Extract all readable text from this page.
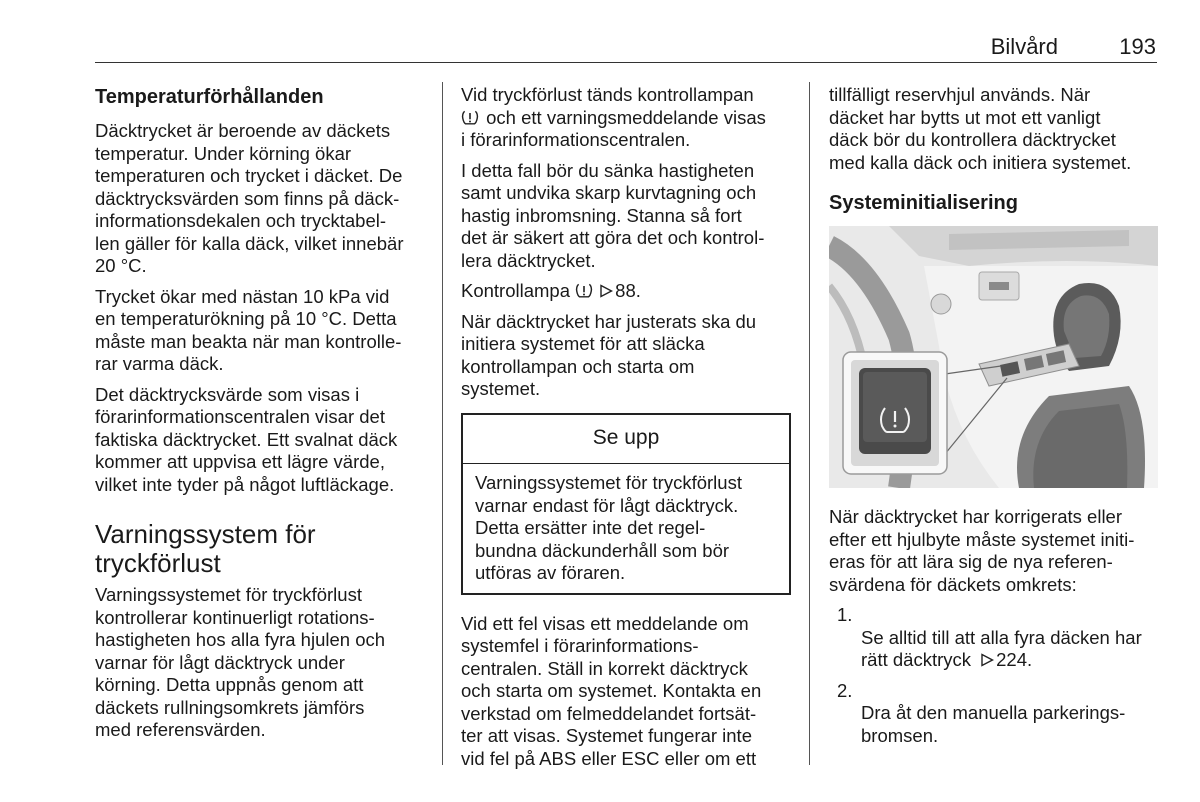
Bilvård	193
Temperaturförhållanden

Däcktrycket är beroende av däckets
temperatur. Under körning ökar
temperaturen och trycket i däcket. De
däcktrycksvärden som finns på däck-
informationsdekalen och trycktabel-
len gäller för kalla däck, vilket innebär
20 °C.

Trycket ökar med nästan 10 kPa vid
en temperaturökning på 10 °C. Detta
måste man beakta när man kontrolle-
rar varma däck.

Det däcktrycksvärde som visas i
förarinformationscentralen visar det
faktiska däcktrycket. Ett svalnat däck
kommer att uppvisa ett lägre värde,
vilket inte tyder på något luftläckage.

Varningssystem för
tryckförlust

Varningssystemet för tryckförlust
kontrollerar kontinuerligt rotations-
hastigheten hos alla fyra hjulen och
varnar för lågt däcktryck under
körning. Detta uppnås genom att
däckets rullningsomkrets jämförs
med referensvärden.

Vid tryckförlust tänds kontrollampan
och ett varningsmeddelande visas
i förarinformationscentralen.

I detta fall bör du sänka hastigheten
samt undvika skarp kurvtagning och
hastig inbromsning. Stanna så fort
det är säkert att göra det och kontrol-
lera däcktrycket.

Kontrollampa 88.

När däcktrycket har justerats ska du
initiera systemet för att släcka
kontrollampan och starta om
systemet.

Se upp
Varningssystemet för tryckförlust
varnar endast för lågt däcktryck.
Detta ersätter inte det regel-
bundna däckunderhåll som bör
utföras av föraren.

Vid ett fel visas ett meddelande om
systemfel i förarinformations-
centralen. Ställ in korrekt däcktryck
och starta om systemet. Kontakta en
verkstad om felmeddelandet fortsät-
ter att visas. Systemet fungerar inte
vid fel på ABS eller ESC eller om ett

tillfälligt reservhjul används. När
däcket har bytts ut mot ett vanligt
däck bör du kontrollera däcktrycket
med kalla däck och initiera systemet.

Systeminitialisering

När däcktrycket har korrigerats eller
efter ett hjulbyte måste systemet initi-
eras för att lära sig de nya referen-
svärdena för däckets omkrets:

1.
Se alltid till att alla fyra däcken har
rätt däcktryck 224.

2.
Dra åt den manuella parkerings-
bromsen.
